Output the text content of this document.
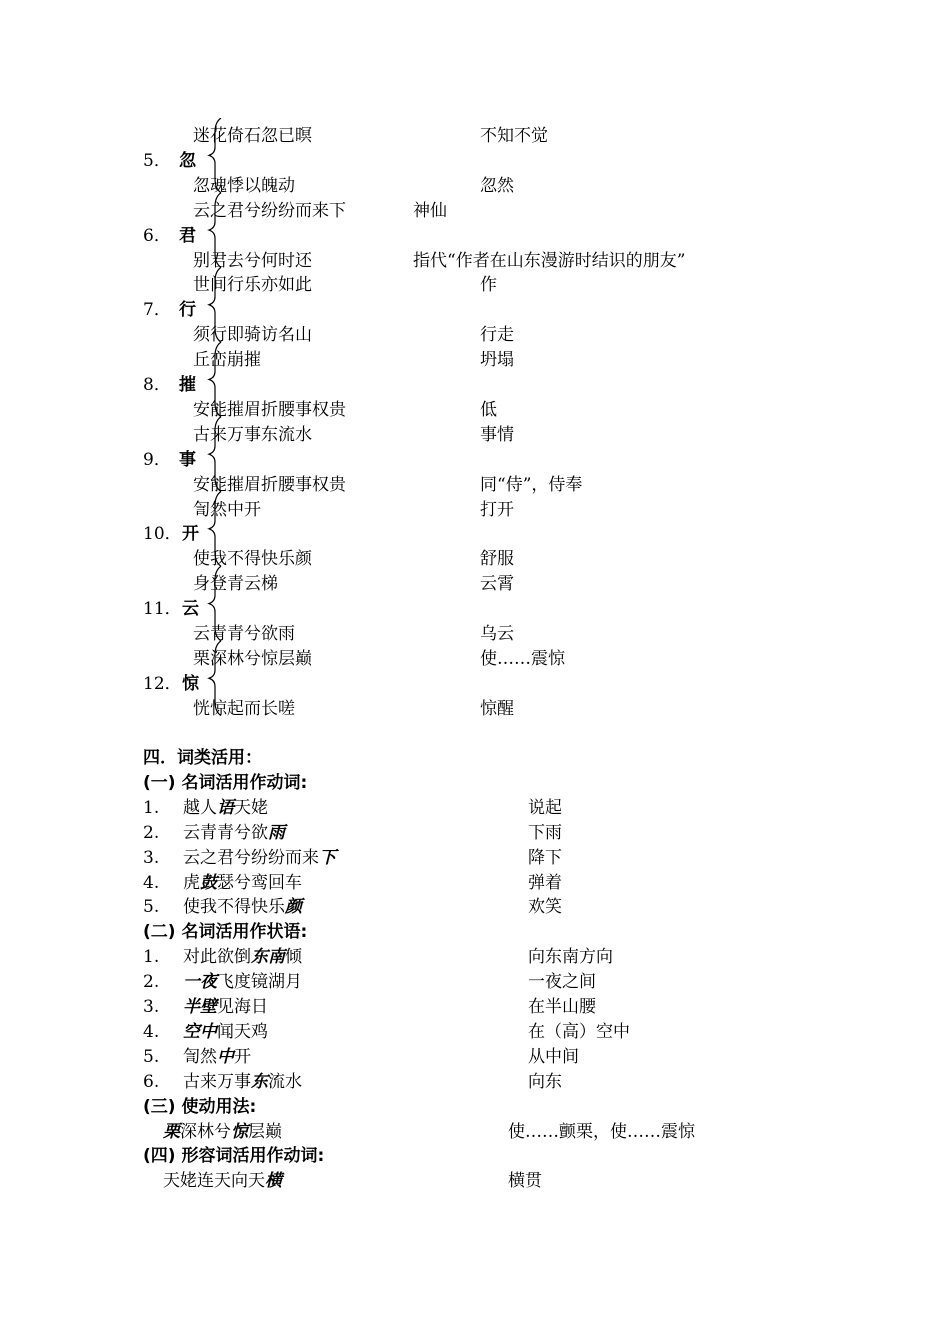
迷花倚石忽已暝	不知不觉
5． 忽
忽魂悸以魄动	忽然
云之君兮纷纷而来下	神仙
6． 君
别君去兮何时还	指代“作者在山东漫游时结识的朋友”
世间行乐亦如此	作
7． 行
须行即骑访名山	行走
丘峦崩摧	坍塌
8． 摧
安能摧眉折腰事权贵	低
古来万事东流水	事情
9． 事
安能摧眉折腰事权贵	同“侍”，侍奉
訇然中开	打开
10． 开
使我不得快乐颜	舒服
身登青云梯	云霄
11． 云
云青青兮欲雨	乌云
栗深林兮惊层巅	使……震惊
12． 惊
恍惊起而长嗟	惊醒
四．词类活用：
(一) 名词活用作动词:
1. 越人语天姥	说起
2. 云青青兮欲雨	下雨
3. 云之君兮纷纷而来下	降下
4. 虎鼓瑟兮鸾回车	弹着
5. 使我不得快乐颜	欢笑
(二) 名词活用作状语:
1. 对此欲倒东南倾	向东南方向
2. 一夜飞度镜湖月	一夜之间
3. 半壁见海日	在半山腰
4. 空中闻天鸡	在（高）空中
5. 訇然中开	从中间
6. 古来万事东流水	向东
(三) 使动用法:
栗深林兮惊层巅	使……颤栗，使……震惊
(四) 形容词活用作动词:
天姥连天向天横	横贯
